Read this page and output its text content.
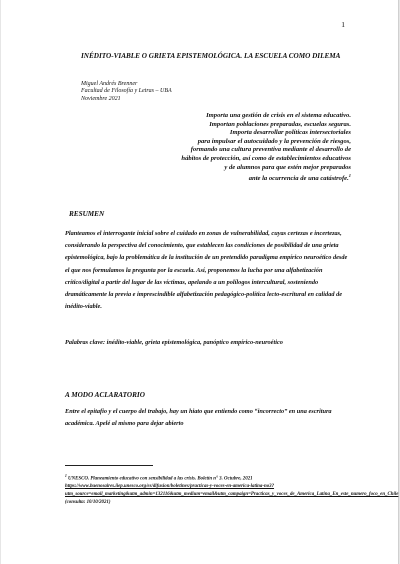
1
INÉDITO-VIABLE O GRIETA EPISTEMOLÓGICA. LA ESCUELA COMO DILEMA
Miguel Andrés Brenner
Facultad de Filosofía y Letras – UBA
Noviembre 2021
Importa una gestión de crisis en el sistema educativo.
Importan poblaciones preparadas, escuelas seguras.
Importa desarrollar políticas intersectoriales
para impulsar el autocuidado y la prevención de riesgos,
formando una cultura preventiva mediante el desarrollo de
hábitos de protección, así como de establecimientos educativos
y de alumnos para que estén mejor preparados
ante la ocurrencia de una catástrofe.$^1$
RESUMEN
Planteamos el interrogante inicial sobre el cuidado en zonas de vulnerabilidad, cuyas certezas e incertezas, considerando la perspectiva del conocimiento, que establecen las condiciones de posibilidad de una grieta epistemológica, bajo la problemática de la institución de un pretendido paradigma empírico neuroético desde el que nos formulamos la pregunta por la escuela. Así, proponemos la lucha por una alfabetización crítico/digital a partir del lugar de las víctimas, apelando a un polílogos intercultural, sosteniendo dramáticamente la previa e imprescindible alfabetización pedagógico-política lecto-escritural en calidad de inédito-viable.
Palabras clave: inédito-viable, grieta epistemológica, panóptico empírico-neuroético
A MODO ACLARATORIO
Entre el epitafio y el cuerpo del trabajo, hay un hiato que entiendo como “incorrecto” en una escritura académica. Apelé al mismo para dejar abierto
$^1$ UNESCO. Planeamiento educativo con sensibilidad a las crisis. Boletín n° 3. Octubre, 2021 https://www.buenosaires.iiep.unesco.org/es/difusion/boletines/practicas-y-voces-en-america-latina-no3?utm_source=email_marketing&utm_admin=132116&utm_medium=email&utm_campaign=Practicas_y_voces_de_America_Latina_En_este_numero_foco_en_Chile (consulta: 10/10/2021)
